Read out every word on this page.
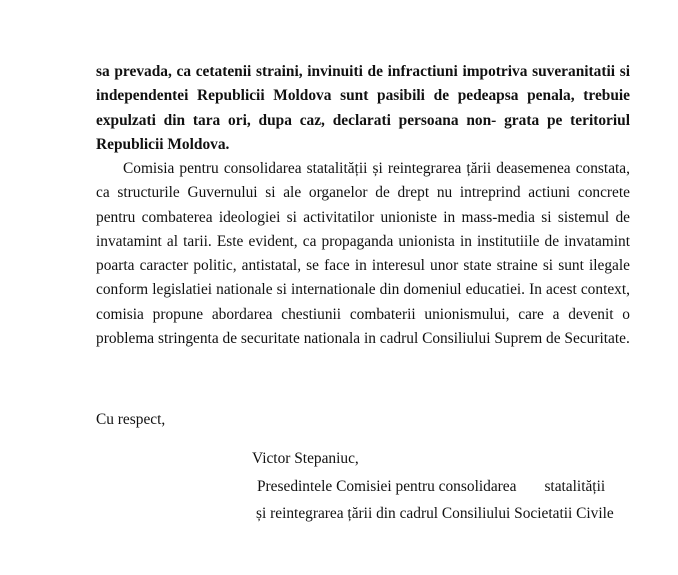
sa prevada, ca cetatenii straini, invinuiti de infractiuni impotriva suveranitatii si independentei Republicii Moldova sunt pasibili de pedeapsa penala, trebuie expulzati din tara ori, dupa caz, declarati persoana non- grata pe teritoriul Republicii Moldova.

Comisia pentru consolidarea statalității și reintegrarea țării deasemenea constata, ca structurile Guvernului si ale organelor de drept nu intreprind actiuni concrete pentru combaterea ideologiei si activitatilor unioniste in mass-media si sistemul de invatamint al tarii. Este evident, ca propaganda unionista in institutiile de invatamint poarta caracter politic, antistatal, se face in interesul unor state straine si sunt ilegale conform legislatiei nationale si internationale din domeniul educatiei. In acest context, comisia propune abordarea chestiunii combaterii unionismului, care a devenit o problema stringenta de securitate nationala in cadrul Consiliului Suprem de Securitate.

Cu respect,

Victor Stepaniuc,

Presedintele Comisiei pentru consolidarea statalității

și reintegrarea țării din cadrul Consiliului Societatii Civile
